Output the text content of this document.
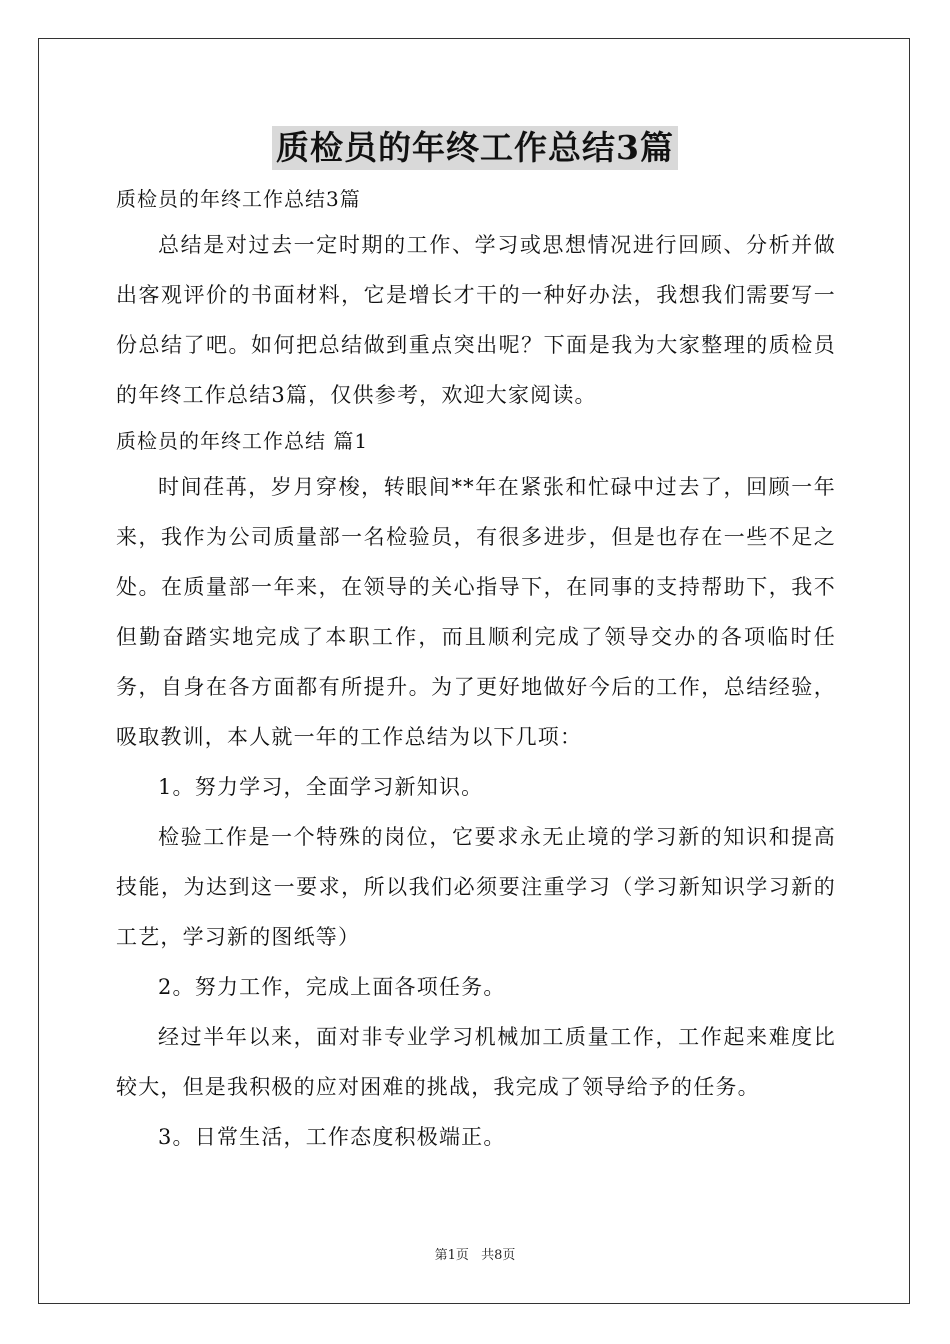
质检员的年终工作总结3篇

质检员的年终工作总结3篇

总结是对过去一定时期的工作、学习或思想情况进行回顾、分析并做出客观评价的书面材料，它是增长才干的一种好办法，我想我们需要写一份总结了吧。如何把总结做到重点突出呢？下面是我为大家整理的质检员的年终工作总结3篇，仅供参考，欢迎大家阅读。

质检员的年终工作总结 篇1

时间荏苒，岁月穿梭，转眼间**年在紧张和忙碌中过去了，回顾一年来，我作为公司质量部一名检验员，有很多进步，但是也存在一些不足之处。在质量部一年来，在领导的关心指导下，在同事的支持帮助下，我不但勤奋踏实地完成了本职工作，而且顺利完成了领导交办的各项临时任务，自身在各方面都有所提升。为了更好地做好今后的工作，总结经验，吸取教训，本人就一年的工作总结为以下几项：

1。努力学习，全面学习新知识。

检验工作是一个特殊的岗位，它要求永无止境的学习新的知识和提高技能，为达到这一要求，所以我们必须要注重学习（学习新知识学习新的工艺，学习新的图纸等）

2。努力工作，完成上面各项任务。

经过半年以来，面对非专业学习机械加工质量工作，工作起来难度比较大，但是我积极的应对困难的挑战，我完成了领导给予的任务。

3。日常生活，工作态度积极端正。

第1页 共8页
